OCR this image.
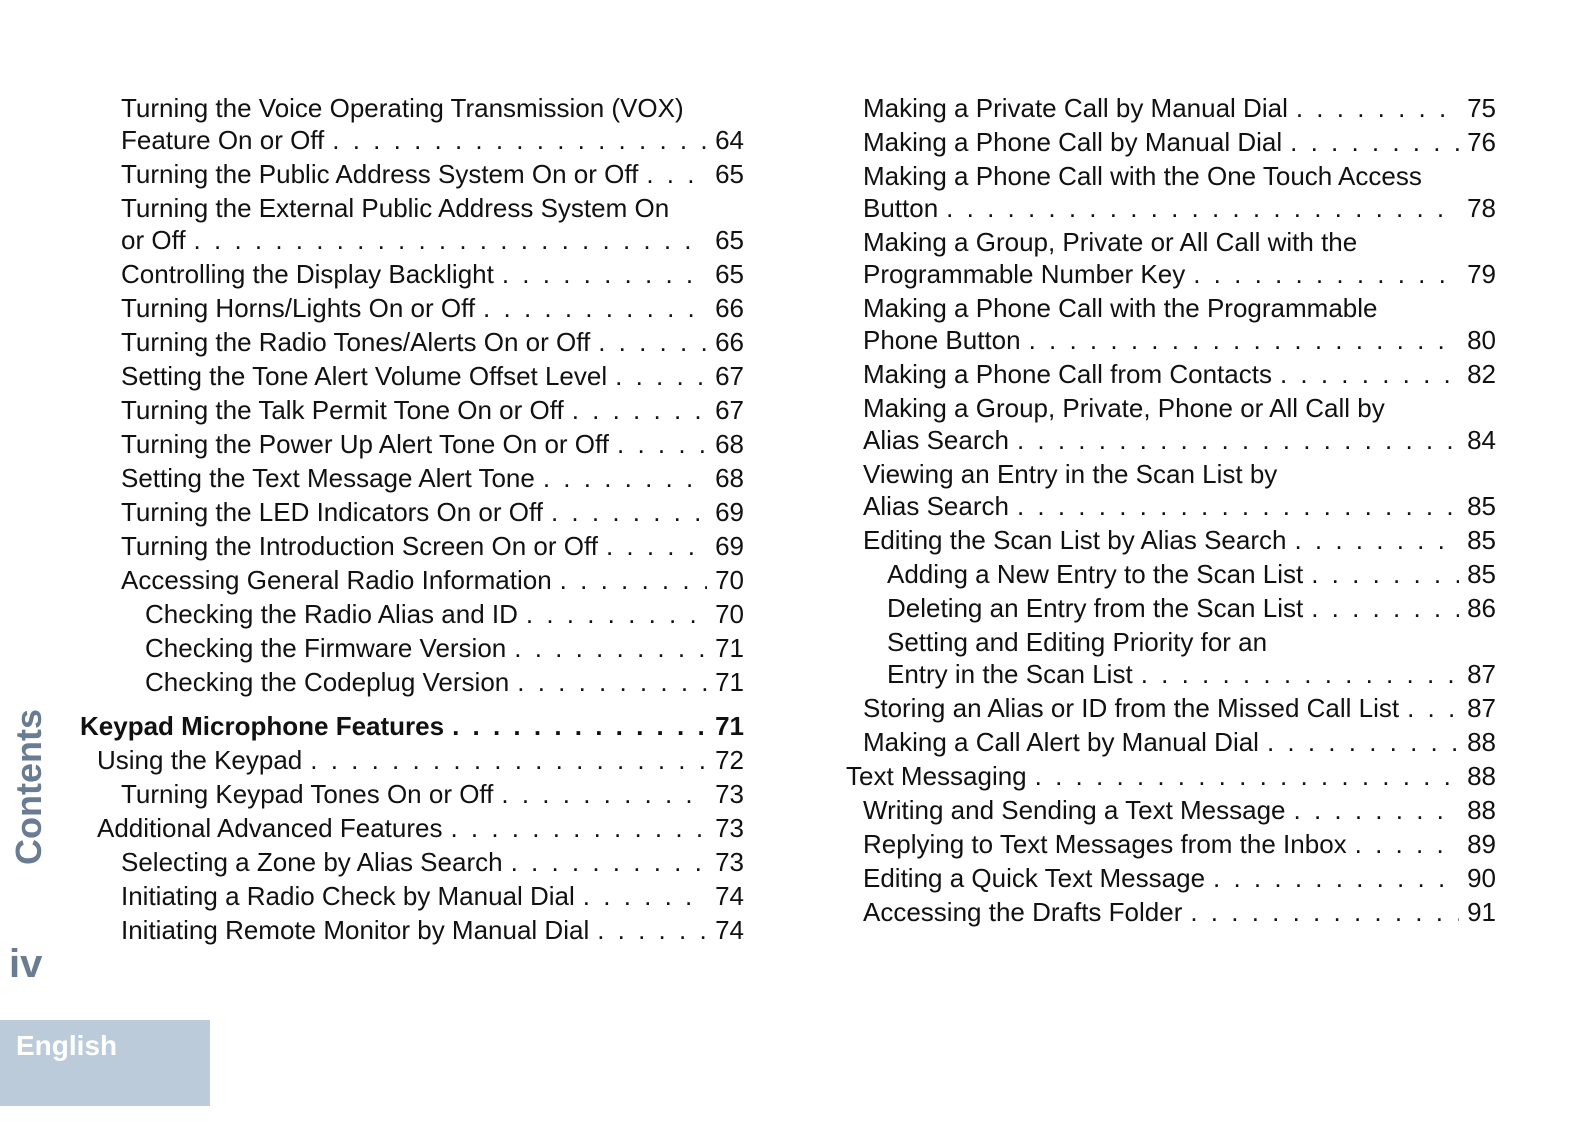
Turning the Voice Operating Transmission (VOX)
Feature On or Off . . .	64
Turning the Public Address System On or Off . . .	65
Turning the External Public Address System On
or Off . . .	65
Controlling the Display Backlight . . .	65
Turning Horns/Lights On or Off . . .	66
Turning the Radio Tones/Alerts On or Off . . .	66
Setting the Tone Alert Volume Offset Level . . .	67
Turning the Talk Permit Tone On or Off . . .	67
Turning the Power Up Alert Tone On or Off . . .	68
Setting the Text Message Alert Tone . . .	68
Turning the LED Indicators On or Off . . .	69
Turning the Introduction Screen On or Off . . .	69
Accessing General Radio Information . . .	70
Checking the Radio Alias and ID . . .	70
Checking the Firmware Version . . .	71
Checking the Codeplug Version . . .	71
Keypad Microphone Features . . .	71
Using the Keypad . . .	72
Turning Keypad Tones On or Off . . .	73
Additional Advanced Features . . .	73
Selecting a Zone by Alias Search . . .	73
Initiating a Radio Check by Manual Dial . . .	74
Initiating Remote Monitor by Manual Dial . . .	74
Making a Private Call by Manual Dial . . .	75
Making a Phone Call by Manual Dial . . .	76
Making a Phone Call with the One Touch Access
Button . . .	78
Making a Group, Private or All Call with the
Programmable Number Key . . .	79
Making a Phone Call with the Programmable
Phone Button . . .	80
Making a Phone Call from Contacts . . .	82
Making a Group, Private, Phone or All Call by
Alias Search . . .	84
Viewing an Entry in the Scan List by
Alias Search . . .	85
Editing the Scan List by Alias Search . . .	85
Adding a New Entry to the Scan List . . .	85
Deleting an Entry from the Scan List . . .	86
Setting and Editing Priority for an
Entry in the Scan List . . .	87
Storing an Alias or ID from the Missed Call List . . .	87
Making a Call Alert by Manual Dial . . .	88
Text Messaging . . .	88
Writing and Sending a Text Message . . .	88
Replying to Text Messages from the Inbox . . .	89
Editing a Quick Text Message . . .	90
Accessing the Drafts Folder . . .	91
Contents
iv
English
